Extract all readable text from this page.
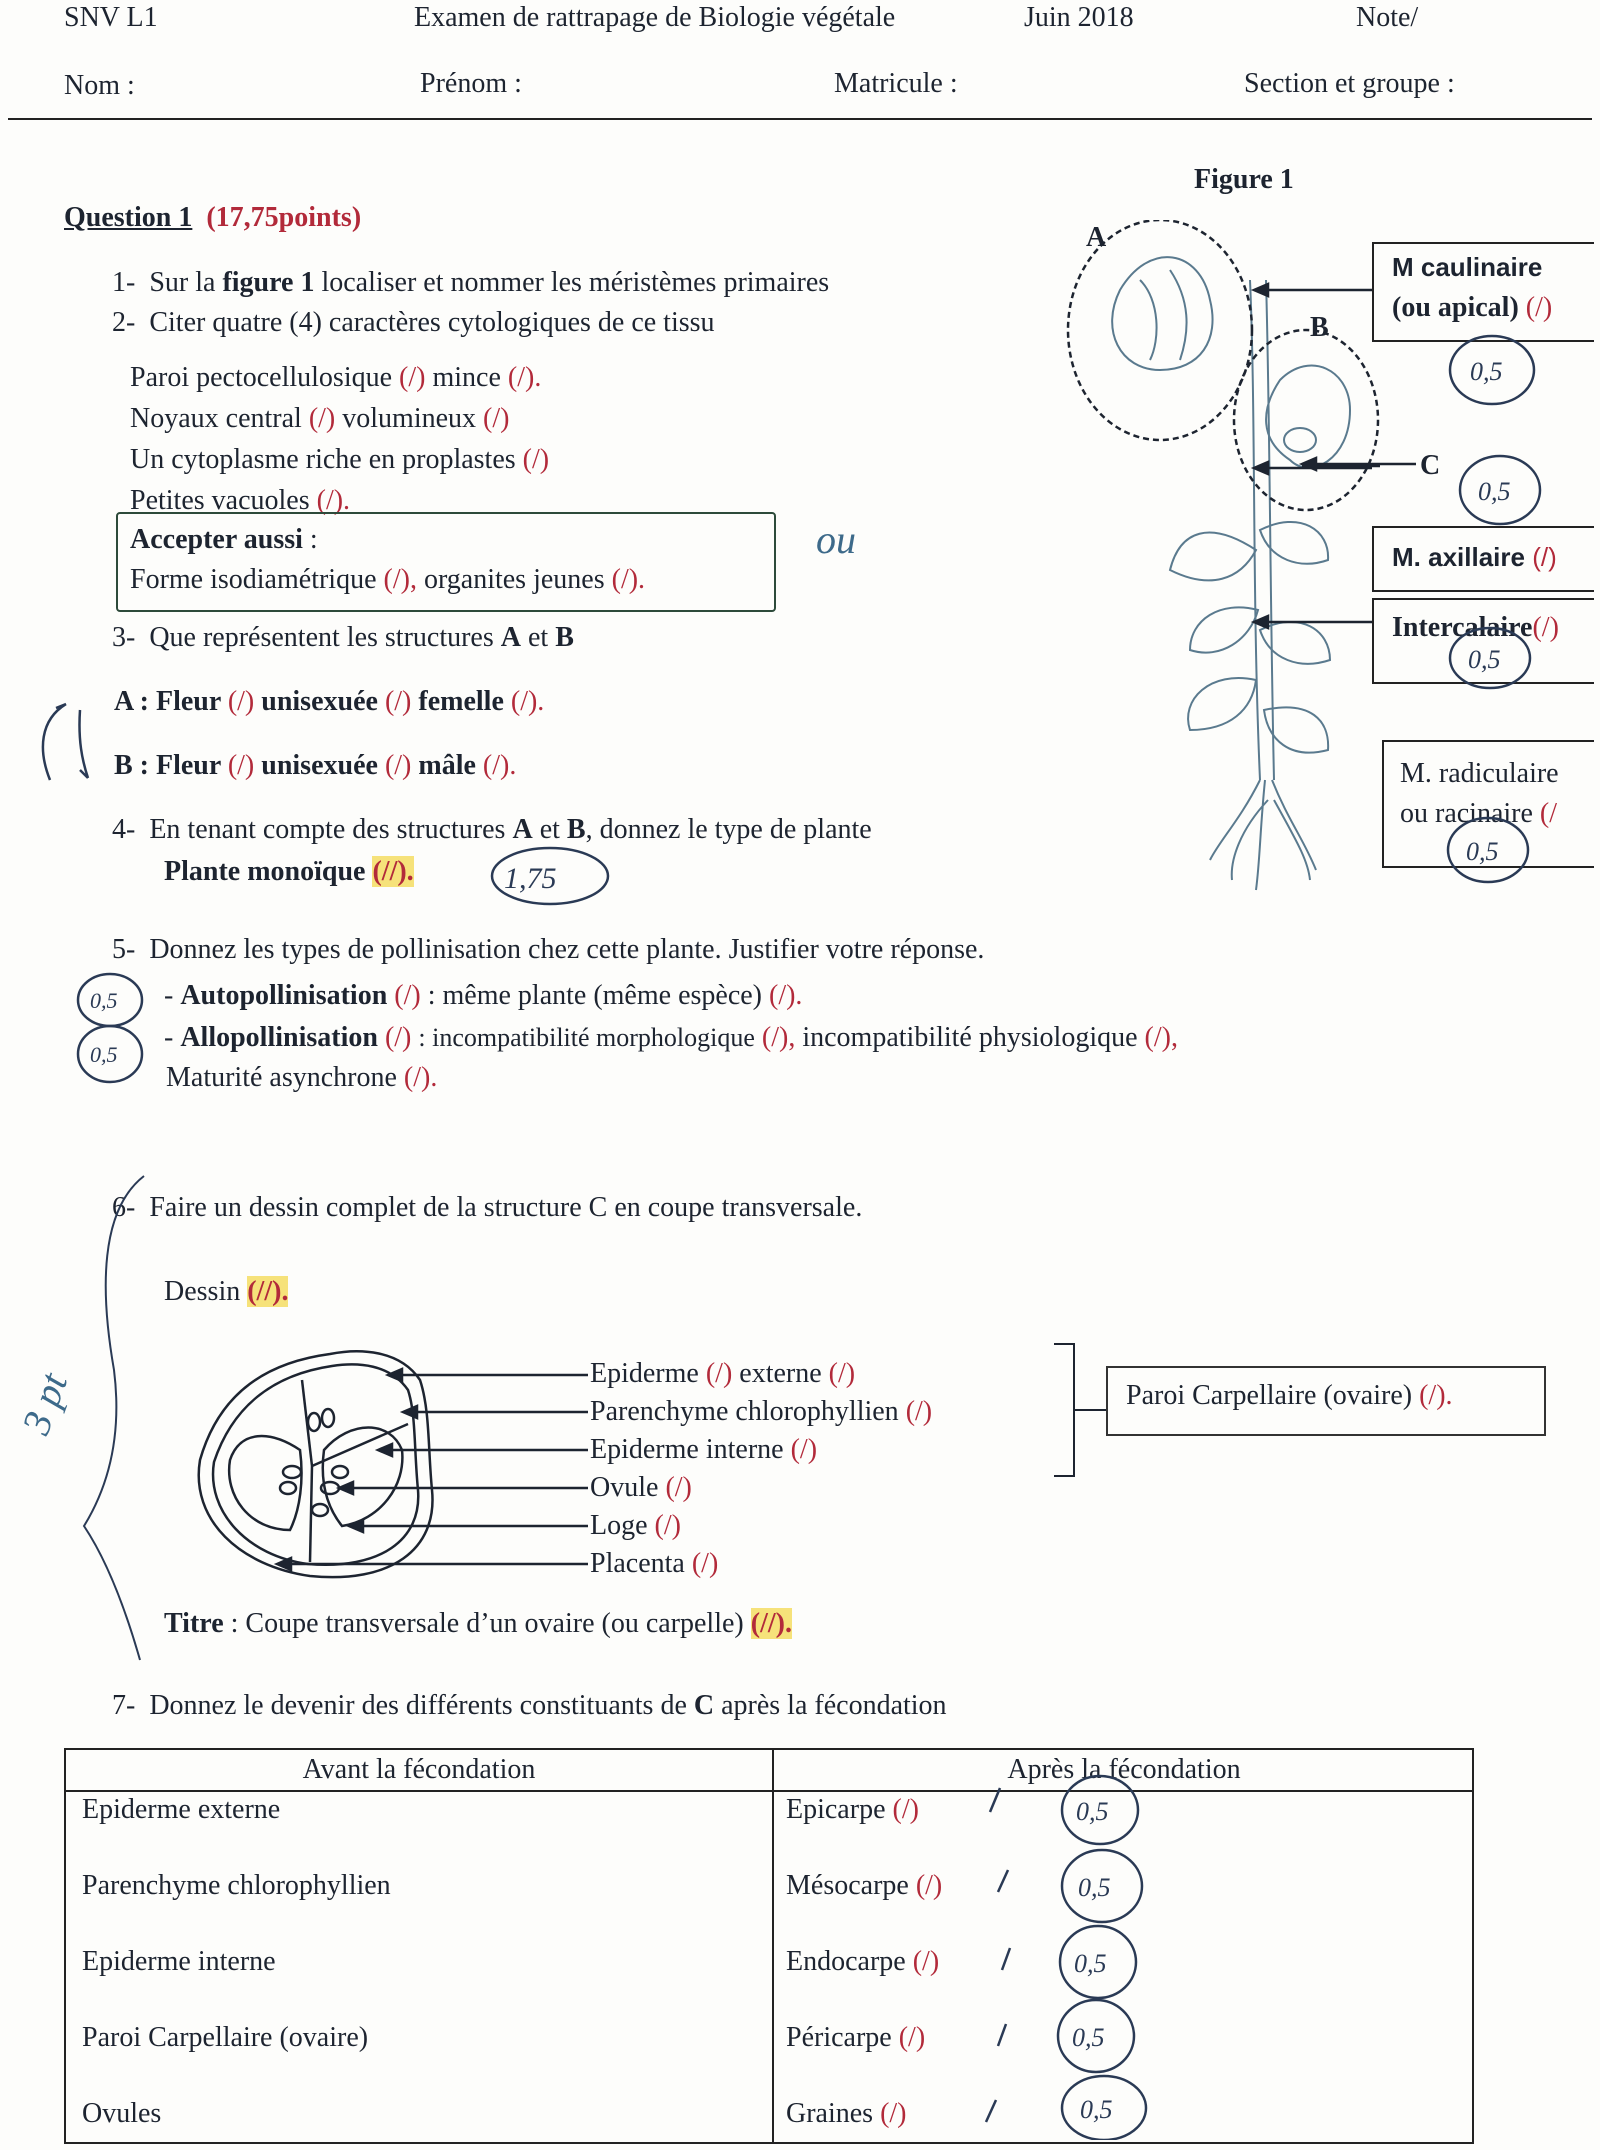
SNV L1	Examen de rattrapage de Biologie végétale	Juin 2018	Note/
Nom :	Prénom :	Matricule :	Section et groupe :
Question 1 (17,75points)
1- Sur la figure 1 localiser et nommer les méristèmes primaires
2- Citer quatre (4) caractères cytologiques de ce tissu
Paroi pectocellulosique (/) mince (/).
Noyaux central (/) volumineux (/)
Un cytoplasme riche en proplastes (/)
Petites vacuoles (/).
Accepter aussi :
Forme isodiamétrique (/), organites jeunes (/).
ou
3- Que représentent les structures A et B
A : Fleur (/) unisexuée (/) femelle (/).
B : Fleur (/) unisexuée (/) mâle (/).
4- En tenant compte des structures A et B, donnez le type de plante
Plante monoïque (//).
5- Donnez les types de pollinisation chez cette plante. Justifier votre réponse.
- Autopollinisation (/) : même plante (même espèce) (/).
- Allopollinisation (/) : incompatibilité morphologique (/), incompatibilité physiologique (/),
Maturité asynchrone (/).
6- Faire un dessin complet de la structure C en coupe transversale.
Dessin (//).
Epiderme (/) externe (/)
Parenchyme chlorophyllien (/)
Epiderme interne (/)
Ovule (/)
Loge (/)
Placenta (/)
Paroi Carpellaire (ovaire) (/).
Titre : Coupe transversale d’un ovaire (ou carpelle) (//).
7- Donnez le devenir des différents constituants de C après la fécondation
Avant la fécondation	Après la fécondation
Epiderme externe	Epicarpe (/)
Parenchyme chlorophyllien	Mésocarpe (/)
Epiderme interne	Endocarpe (/)
Paroi Carpellaire (ovaire)	Péricarpe (/)
Ovules	Graines (/)
0,5
0,5
0,5
0,5
0,5
Figure 1
A
B
C
M caulinaire
(ou apical) (/)
M. axillaire (/)
Intercalaire(/)
M. radiculaire
ou racinaire (/
0,5
0,5
0,5
0,5
0,5
0,5
1,75
3 pt
